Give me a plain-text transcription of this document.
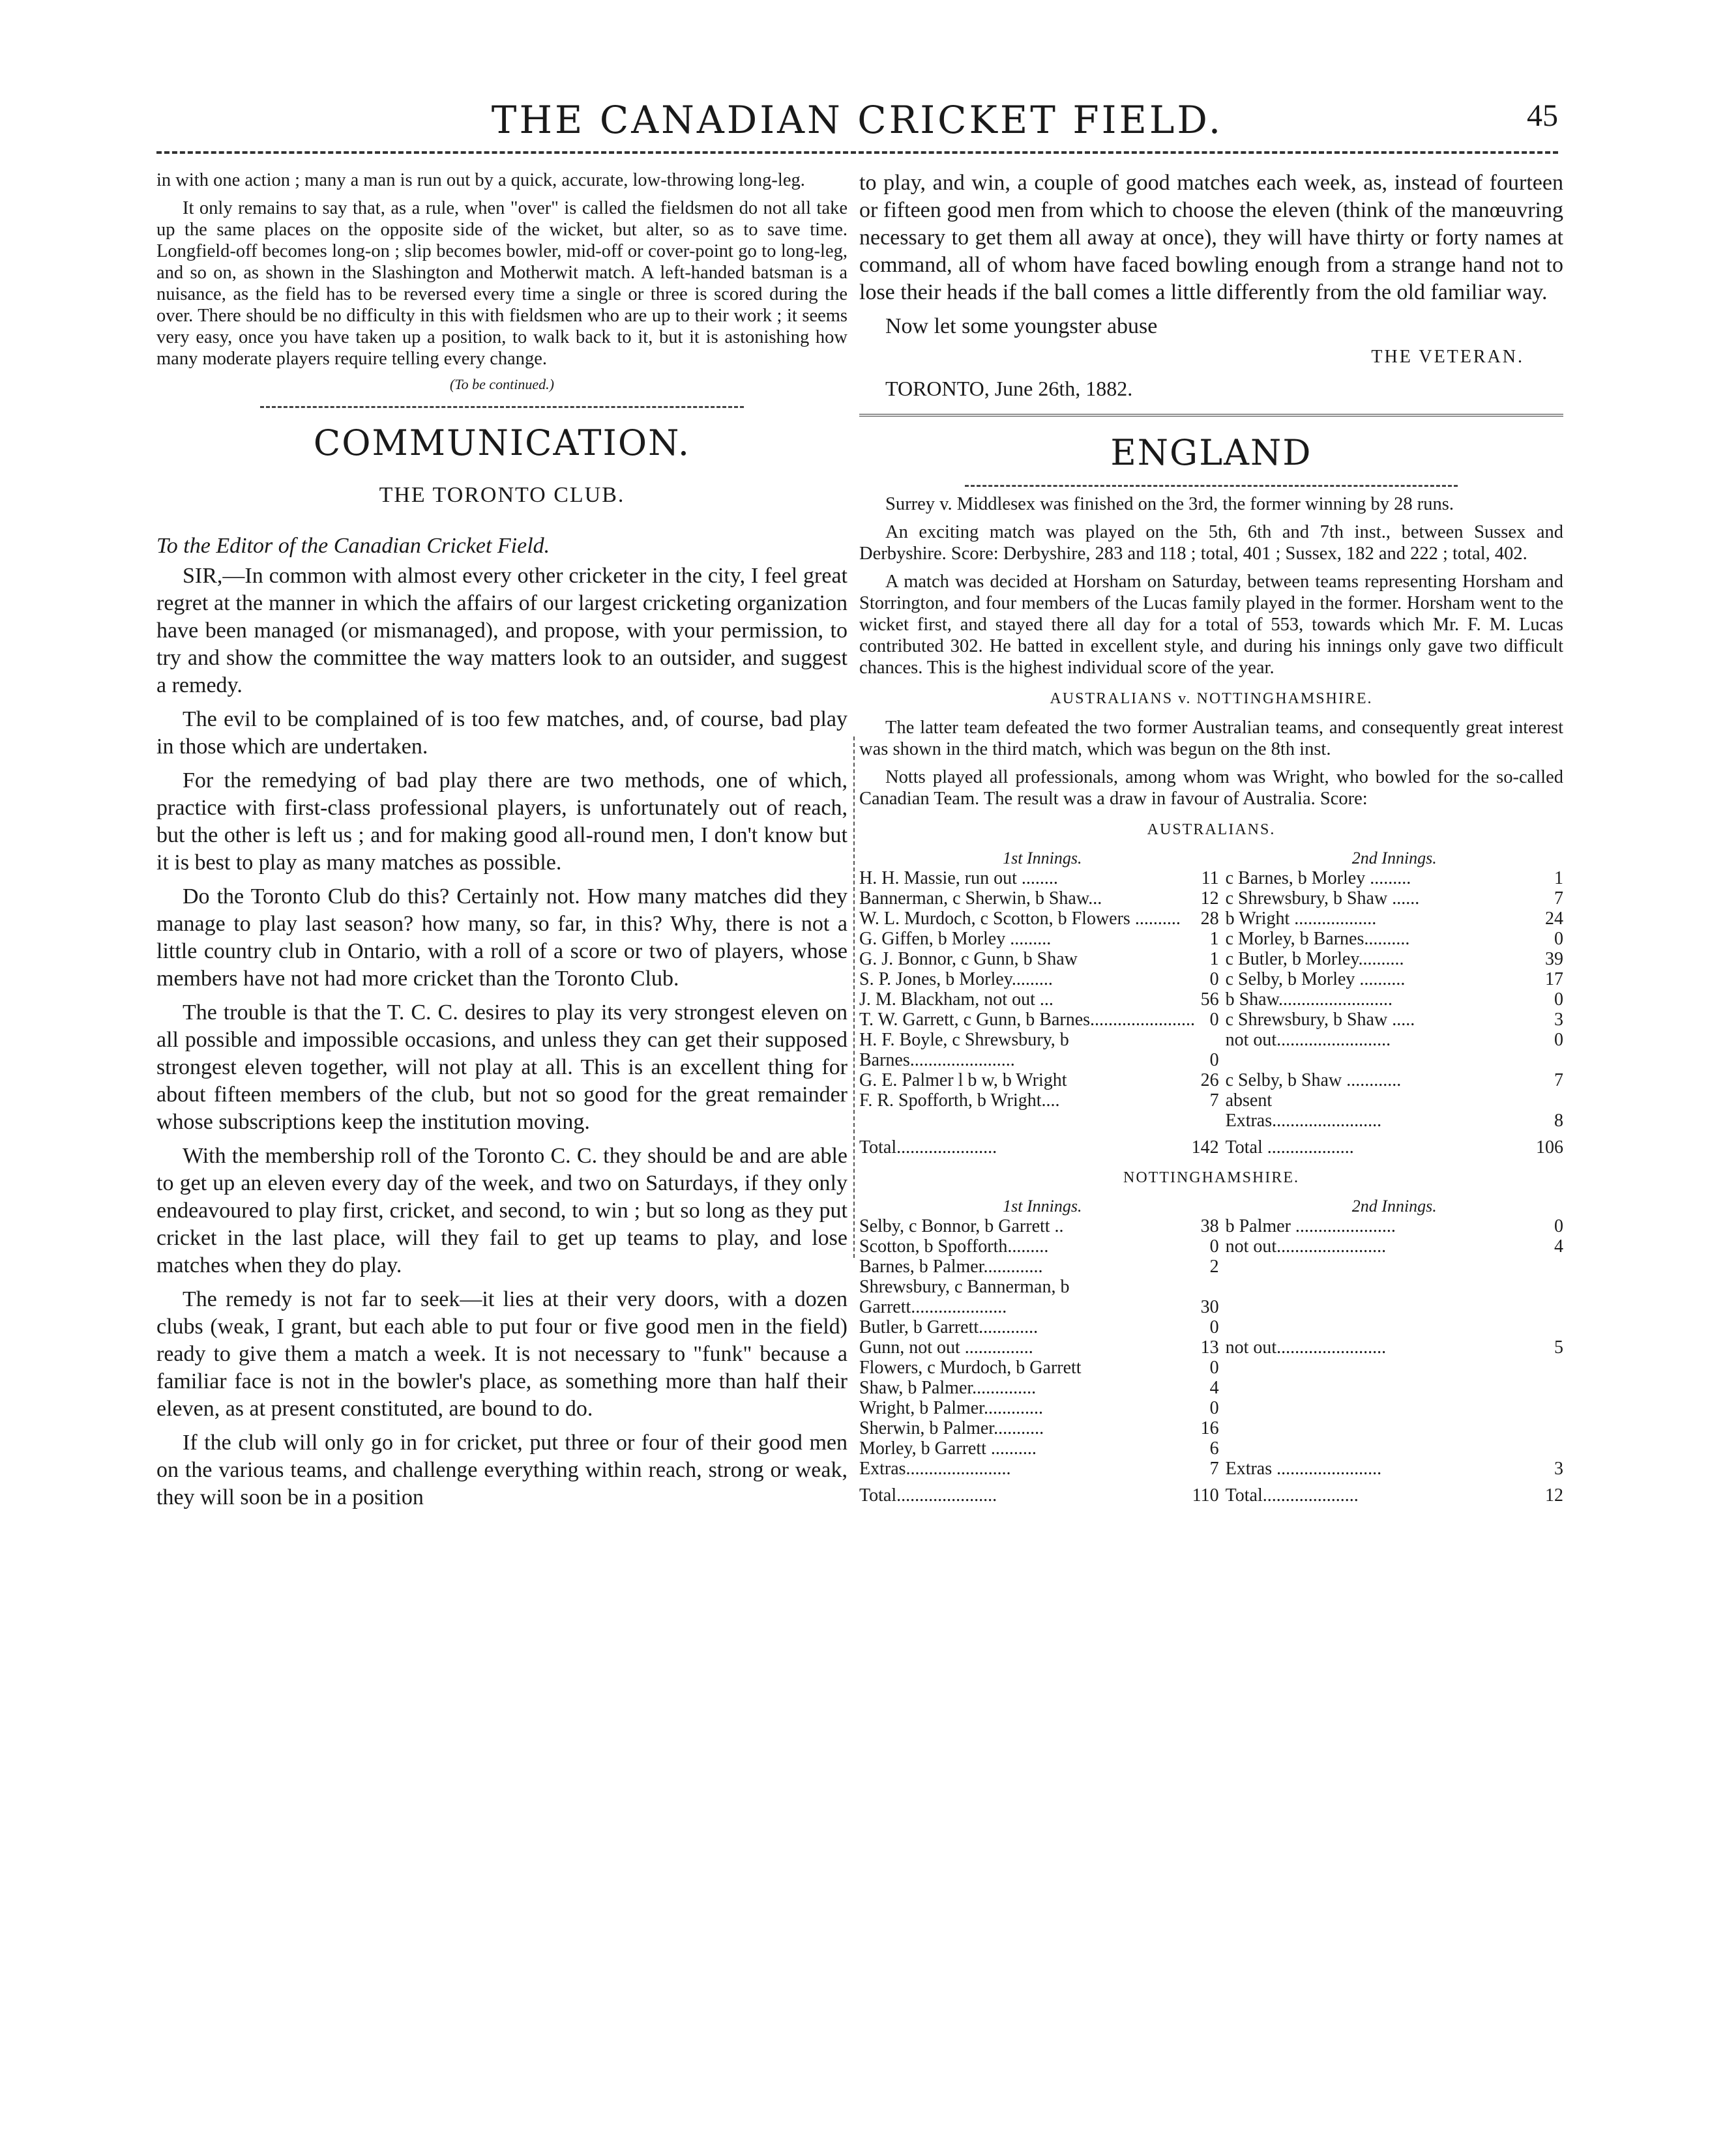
THE CANADIAN CRICKET FIELD.	45

in with one action ; many a man is run out by a quick, accurate, low-throwing long-leg.

It only remains to say that, as a rule, when "over" is called the fieldsmen do not all take up the same places on the opposite side of the wicket, but alter, so as to save time. Longfield-off becomes long-on ; slip becomes bowler, mid-off or cover-point go to long-leg, and so on, as shown in the Slashington and Motherwit match. A left-handed batsman is a nuisance, as the field has to be reversed every time a single or three is scored during the over. There should be no difficulty in this with fieldsmen who are up to their work ; it seems very easy, once you have taken up a position, to walk back to it, but it is astonishing how many moderate players require telling every change.

(To be continued.)
COMMUNICATION.
THE TORONTO CLUB.
To the Editor of the Canadian Cricket Field.

SIR,—In common with almost every other cricketer in the city, I feel great regret at the manner in which the affairs of our largest cricketing organization have been managed (or mismanaged), and propose, with your permission, to try and show the committee the way matters look to an outsider, and suggest a remedy.

The evil to be complained of is too few matches, and, of course, bad play in those which are undertaken.

For the remedying of bad play there are two methods, one of which, practice with first-class professional players, is unfortunately out of reach, but the other is left us ; and for making good all-round men, I don't know but it is best to play as many matches as possible.

Do the Toronto Club do this? Certainly not. How many matches did they manage to play last season? how many, so far, in this? Why, there is not a little country club in Ontario, with a roll of a score or two of players, whose members have not had more cricket than the Toronto Club.

The trouble is that the T. C. C. desires to play its very strongest eleven on all possible and impossible occasions, and unless they can get their supposed strongest eleven together, will not play at all. This is an excellent thing for about fifteen members of the club, but not so good for the great remainder whose subscriptions keep the institution moving.

With the membership roll of the Toronto C. C. they should be and are able to get up an eleven every day of the week, and two on Saturdays, if they only endeavoured to play first, cricket, and second, to win ; but so long as they put cricket in the last place, will they fail to get up teams to play, and lose matches when they do play.

The remedy is not far to seek—it lies at their very doors, with a dozen clubs (weak, I grant, but each able to put four or five good men in the field) ready to give them a match a week. It is not necessary to "funk" because a familiar face is not in the bowler's place, as something more than half their eleven, as at present constituted, are bound to do.

If the club will only go in for cricket, put three or four of their good men on the various teams, and challenge everything within reach, strong or weak, they will soon be in a position

to play, and win, a couple of good matches each week, as, instead of fourteen or fifteen good men from which to choose the eleven (think of the manœuvring necessary to get them all away at once), they will have thirty or forty names at command, all of whom have faced bowling enough from a strange hand not to lose their heads if the ball comes a little differently from the old familiar way.

Now let some youngster abuse

THE VETERAN.
TORONTO, June 26th, 1882.
ENGLAND

Surrey v. Middlesex was finished on the 3rd, the former winning by 28 runs.

An exciting match was played on the 5th, 6th and 7th inst., between Sussex and Derbyshire. Score: Derbyshire, 283 and 118 ; total, 401 ; Sussex, 182 and 222 ; total, 402.

A match was decided at Horsham on Saturday, between teams representing Horsham and Storrington, and four members of the Lucas family played in the former. Horsham went to the wicket first, and stayed there all day for a total of 553, towards which Mr. F. M. Lucas contributed 302. He batted in excellent style, and during his innings only gave two difficult chances. This is the highest individual score of the year.

AUSTRALIANS v. NOTTINGHAMSHIRE.

The latter team defeated the two former Australian teams, and consequently great interest was shown in the third match, which was begun on the 8th inst.

Notts played all professionals, among whom was Wright, who bowled for the so-called Canadian Team. The result was a draw in favour of Australia. Score:

AUSTRALIANS.
1st Innings.	2nd Innings.
H. H. Massie, run out ........ 11	c Barnes, b Morley ......... 1

Bannerman, c Sherwin, b Shaw... 12	c Shrewsbury, b Shaw ...... 7

W. L. Murdoch, c Scotton, b Flowers .......... 28	b Wright .................. 24

G. Giffen, b Morley ......... 1	c Morley, b Barnes.......... 0

G. J. Bonnor, c Gunn, b Shaw 1	c Butler, b Morley.......... 39

S. P. Jones, b Morley......... 0	c Selby, b Morley .......... 17

J. M. Blackham, not out ... 56	b Shaw......................... 0

T. W. Garrett, c Gunn, b Barnes....................... 0	c Shrewsbury, b Shaw ..... 3

H. F. Boyle, c Shrewsbury, b Barnes....................... 0	not out......................... 0

G. E. Palmer l b w, b Wright 26	c Selby, b Shaw ............ 7

F. R. Spofforth, b Wright.... 7	absent

	Extras........................ 8

Total...................... 142	Total ................... 106
NOTTINGHAMSHIRE.
1st Innings.	2nd Innings.
Selby, c Bonnor, b Garrett .. 38	b Palmer ...................... 0

Scotton, b Spofforth......... 0	not out........................ 4

Barnes, b Palmer............. 2	

Shrewsbury, c Bannerman, b Garrett..................... 30	

Butler, b Garrett............. 0	

Gunn, not out ............... 13	not out........................ 5

Flowers, c Murdoch, b Garrett 0	

Shaw, b Palmer.............. 4	

Wright, b Palmer............. 0	

Sherwin, b Palmer........... 16	

Morley, b Garrett .......... 6	

Extras....................... 7	Extras ....................... 3

Total...................... 110	Total..................... 12
